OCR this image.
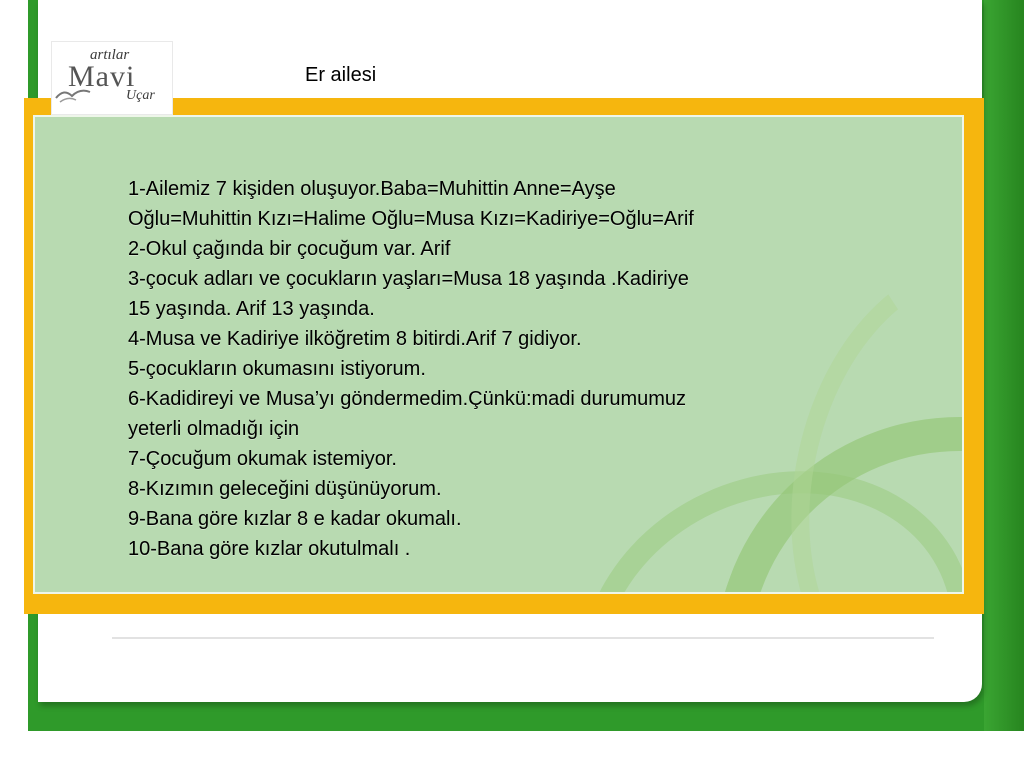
artılar
Mavi
Uçar
Er ailesi
1-Ailemiz 7 kişiden oluşuyor.Baba=Muhittin Anne=Ayşe
Oğlu=Muhittin Kızı=Halime Oğlu=Musa Kızı=Kadiriye=Oğlu=Arif
2-Okul çağında bir çocuğum var. Arif
3-çocuk adları ve çocukların yaşları=Musa 18 yaşında .Kadiriye
15 yaşında. Arif 13 yaşında.
4-Musa ve Kadiriye ilköğretim 8 bitirdi.Arif 7 gidiyor.
5-çocukların okumasını istiyorum.
6-Kadidireyi ve Musa’yı göndermedim.Çünkü:madi durumumuz
yeterli olmadığı için
7-Çocuğum okumak istemiyor.
8-Kızımın geleceğini düşünüyorum.
9-Bana göre kızlar 8 e kadar okumalı.
10-Bana göre kızlar okutulmalı .
